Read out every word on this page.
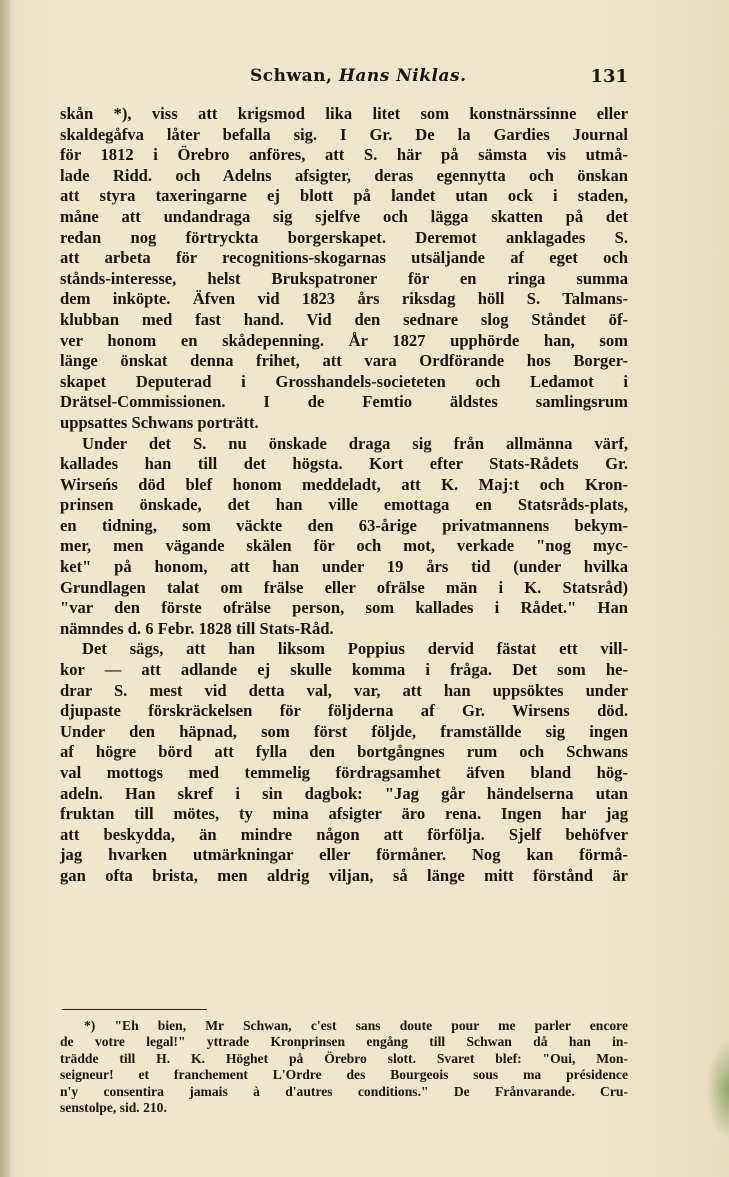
Schwan, Hans Niklas.	131
skån *), viss att krigsmod lika litet som konstnärssinne eller
skaldegåfva låter befalla sig. I Gr. De la Gardies Journal
för 1812 i Örebro anföres, att S. här på sämsta vis utmå-
lade Ridd. och Adelns afsigter, deras egennytta och önskan
att styra taxeringarne ej blott på landet utan ock i staden,
måne att undandraga sig sjelfve och lägga skatten på det
redan nog förtryckta borgerskapet. Deremot anklagades S.
att arbeta för recognitions-skogarnas utsäljande af eget och
stånds-interesse, helst Brukspatroner för en ringa summa
dem inköpte. Äfven vid 1823 års riksdag höll S. Talmans-
klubban med fast hand. Vid den sednare slog Ståndet öf-
ver honom en skådepenning. År 1827 upphörde han, som
länge önskat denna frihet, att vara Ordförande hos Borger-
skapet Deputerad i Grosshandels-societeten och Ledamot i
Drätsel-Commissionen. I de Femtio äldstes samlingsrum
uppsattes Schwans porträtt.
Under det S. nu önskade draga sig från allmänna värf,
kallades han till det högsta. Kort efter Stats-Rådets Gr.
Wirseńs död blef honom meddeladt, att K. Maj:t och Kron-
prinsen önskade, det han ville emottaga en Statsråds-plats,
en tidning, som väckte den 63-årige privatmannens bekym-
mer, men vägande skälen för och mot, verkade "nog myc-
ket" på honom, att han under 19 års tid (under hvilka
Grundlagen talat om frälse eller ofrälse män i K. Statsråd)
"var den förste ofrälse person, som kallades i Rådet." Han
nämndes d. 6 Febr. 1828 till Stats-Råd.
Det sägs, att han liksom Poppius dervid fästat ett vill-
kor — att adlande ej skulle komma i fråga. Det som he-
drar S. mest vid detta val, var, att han uppsöktes under
djupaste förskräckelsen för följderna af Gr. Wirsens död.
Under den häpnad, som först följde, framställde sig ingen
af högre börd att fylla den bortgångnes rum och Schwans
val mottogs med temmelig fördragsamhet äfven bland hög-
adeln. Han skref i sin dagbok: "Jag går händelserna utan
fruktan till mötes, ty mina afsigter äro rena. Ingen har jag
att beskydda, än mindre någon att förfölja. Sjelf behöfver
jag hvarken utmärkningar eller förmåner. Nog kan förmå-
gan ofta brista, men aldrig viljan, så länge mitt förstånd är
*) "Eh bien, Mr Schwan, c'est sans doute pour me parler encore
de votre legal!" yttrade Kronprinsen engång till Schwan då han in-
trädde till H. K. Höghet på Örebro slott. Svaret blef: "Oui, Mon-
seigneur! et franchement L'Ordre des Bourgeois sous ma présidence
n'y consentira jamais à d'autres conditions." De Frånvarande. Cru-
senstolpe, sid. 210.
